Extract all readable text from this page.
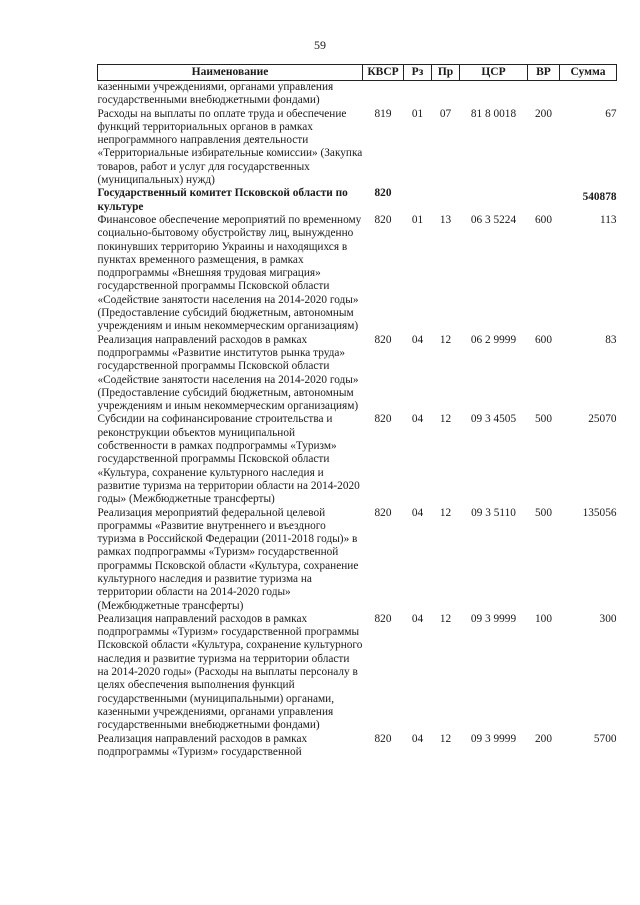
59
Наименование	КВСР	Рз	Пр	ЦСР	ВР	Сумма
казенными учреждениями, органами управления государственными внебюджетными фондами)						
Расходы на выплаты по оплате труда и обеспечение функций территориальных органов в рамках непрограммного направления деятельности «Территориальные избирательные комиссии» (Закупка товаров, работ и услуг для государственных (муниципальных) нужд)	819	01	07	81 8 0018	200	67
Государственный комитет Псковской области по культуре	820					540878
Финансовое обеспечение мероприятий по временному социально-бытовому обустройству лиц, вынужденно покинувших территорию Украины и находящихся в пунктах временного размещения, в рамках подпрограммы «Внешняя трудовая миграция» государственной программы Псковской области «Содействие занятости населения на 2014-2020 годы» (Предоставление субсидий бюджетным, автономным учреждениям и иным некоммерческим организациям)	820	01	13	06 3 5224	600	113
Реализация направлений расходов в рамках подпрограммы «Развитие институтов рынка труда» государственной программы Псковской области «Содействие занятости населения на 2014-2020 годы» (Предоставление субсидий бюджетным, автономным учреждениям и иным некоммерческим организациям)	820	04	12	06 2 9999	600	83
Субсидии на софинансирование строительства и реконструкции объектов муниципальной собственности в рамках подпрограммы «Туризм» государственной программы Псковской области «Культура, сохранение культурного наследия и развитие туризма на территории области на 2014-2020 годы» (Межбюджетные трансферты)	820	04	12	09 3 4505	500	25070
Реализация мероприятий федеральной целевой программы «Развитие внутреннего и въездного туризма в Российской Федерации (2011-2018 годы)» в рамках подпрограммы «Туризм» государственной программы Псковской области «Культура, сохранение культурного наследия и развитие туризма на территории области на 2014-2020 годы» (Межбюджетные трансферты)	820	04	12	09 3 5110	500	135056
Реализация направлений расходов в рамках подпрограммы «Туризм» государственной программы Псковской области «Культура, сохранение культурного наследия и развитие туризма на территории области на 2014-2020 годы» (Расходы на выплаты персоналу в целях обеспечения выполнения функций государственными (муниципальными) органами, казенными учреждениями, органами управления государственными внебюджетными фондами)	820	04	12	09 3 9999	100	300
Реализация направлений расходов в рамках подпрограммы «Туризм» государственной	820	04	12	09 3 9999	200	5700
